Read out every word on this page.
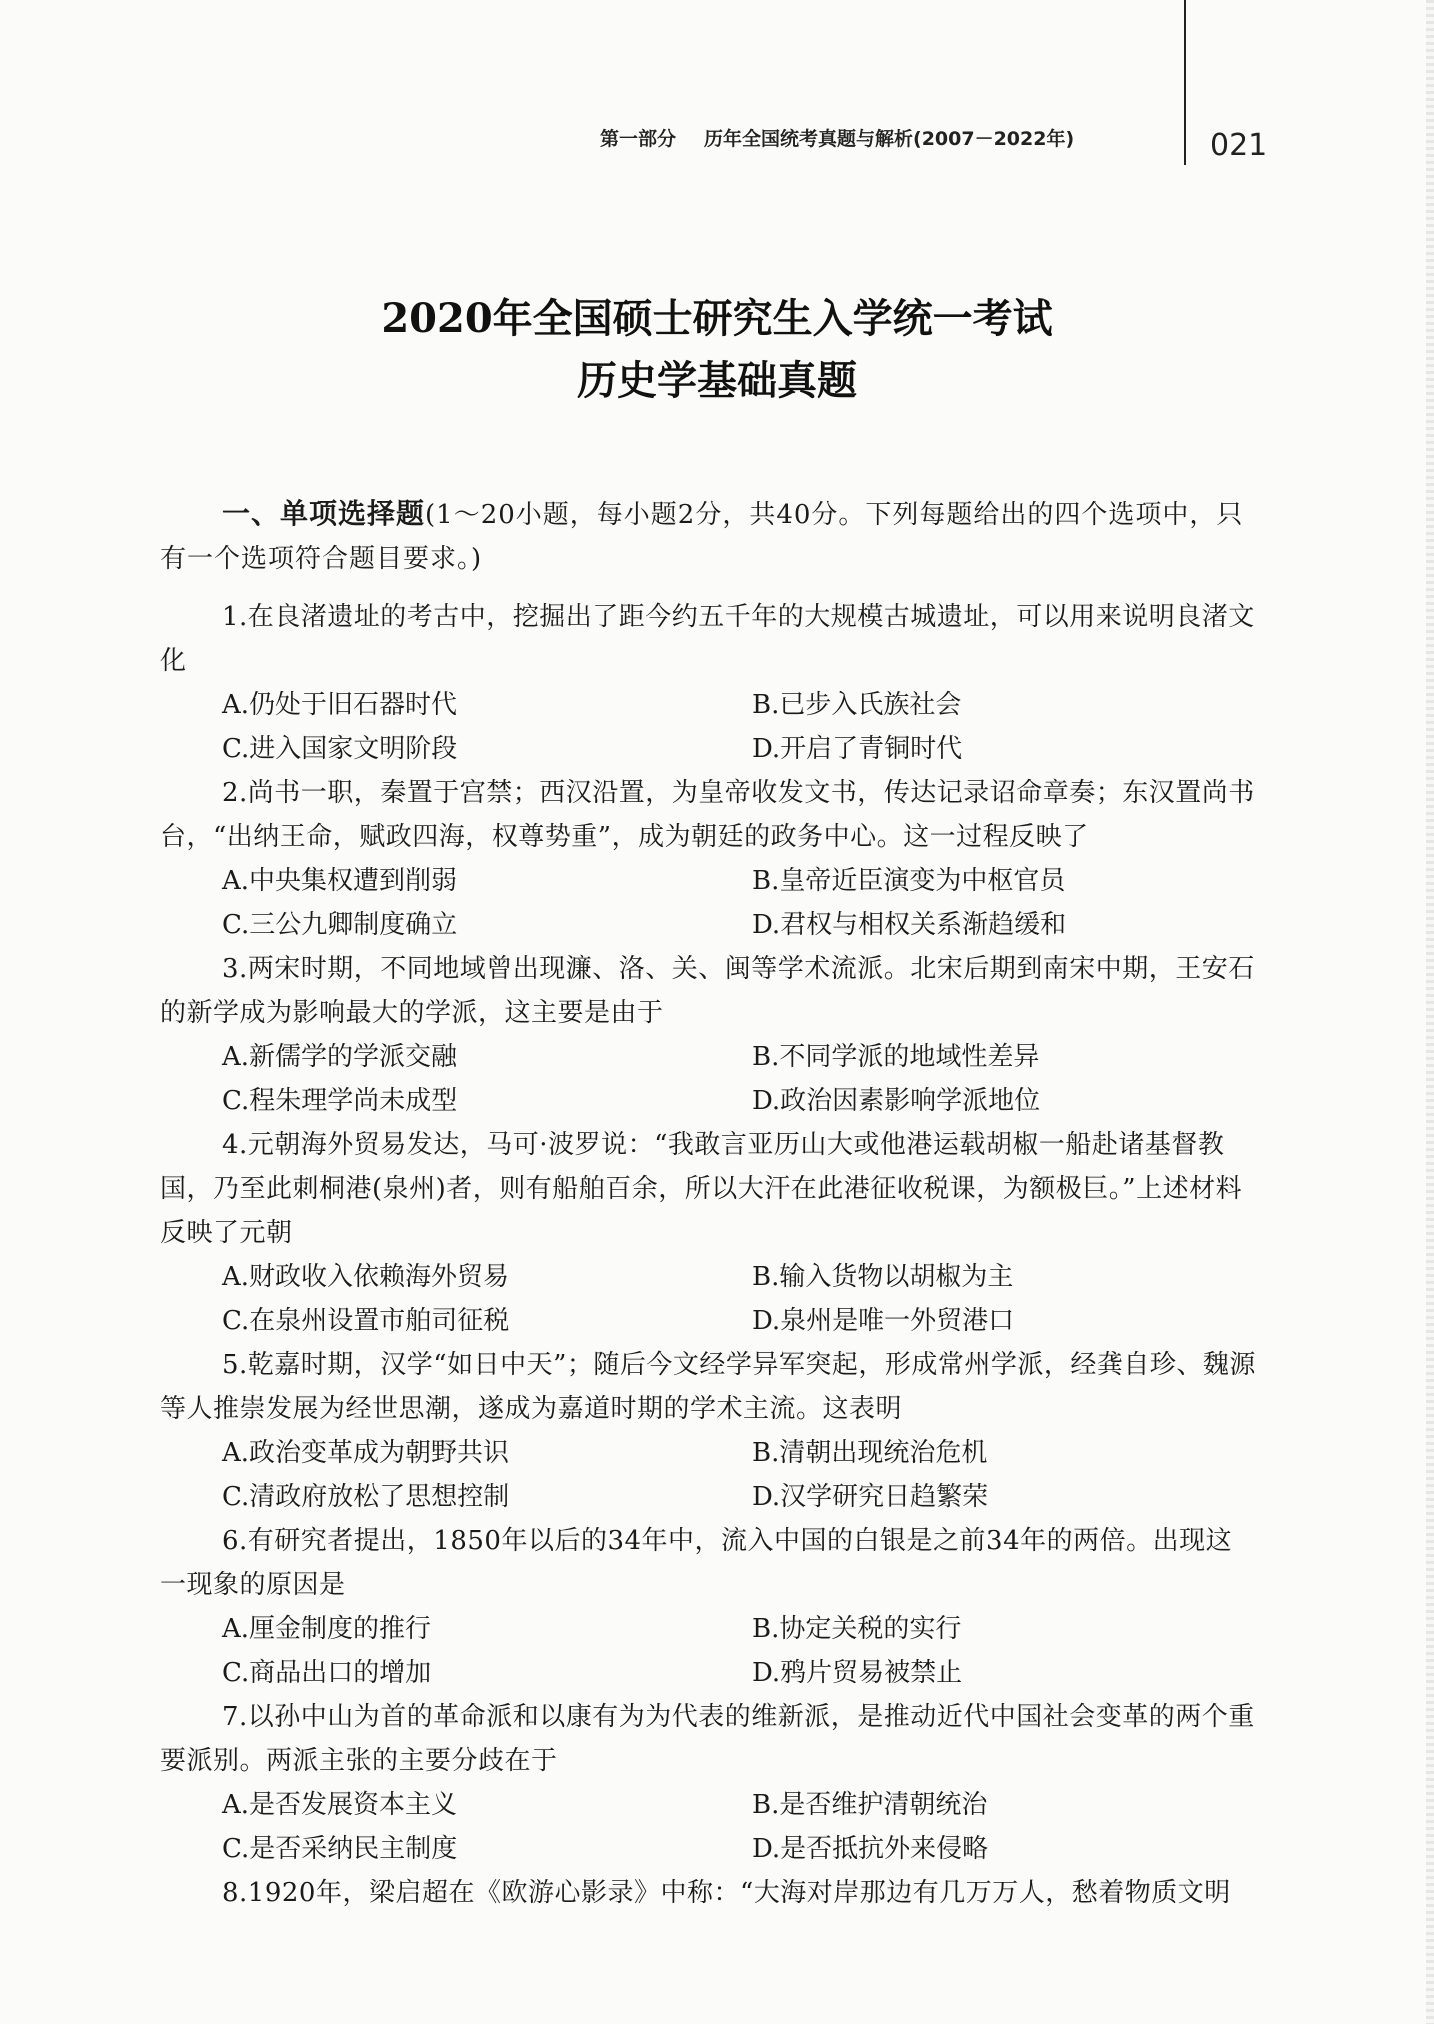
第一部分 历年全国统考真题与解析(2007－2022年)	021
2020年全国硕士研究生入学统一考试
历史学基础真题
一、单项选择题(1～20小题，每小题2分，共40分。下列每题给出的四个选项中，只有一个选项符合题目要求。)

1.在良渚遗址的考古中，挖掘出了距今约五千年的大规模古城遗址，可以用来说明良渚文化

A.仍处于旧石器时代	B.已步入氏族社会
C.进入国家文明阶段	D.开启了青铜时代

2.尚书一职，秦置于宫禁；西汉沿置，为皇帝收发文书，传达记录诏命章奏；东汉置尚书台，“出纳王命，赋政四海，权尊势重”，成为朝廷的政务中心。这一过程反映了

A.中央集权遭到削弱	B.皇帝近臣演变为中枢官员
C.三公九卿制度确立	D.君权与相权关系渐趋缓和

3.两宋时期，不同地域曾出现濂、洛、关、闽等学术流派。北宋后期到南宋中期，王安石的新学成为影响最大的学派，这主要是由于

A.新儒学的学派交融	B.不同学派的地域性差异
C.程朱理学尚未成型	D.政治因素影响学派地位

4.元朝海外贸易发达，马可·波罗说：“我敢言亚历山大或他港运载胡椒一船赴诸基督教国，乃至此刺桐港(泉州)者，则有船舶百余，所以大汗在此港征收税课，为额极巨。”上述材料反映了元朝

A.财政收入依赖海外贸易	B.输入货物以胡椒为主
C.在泉州设置市舶司征税	D.泉州是唯一外贸港口

5.乾嘉时期，汉学“如日中天”；随后今文经学异军突起，形成常州学派，经龚自珍、魏源等人推崇发展为经世思潮，遂成为嘉道时期的学术主流。这表明

A.政治变革成为朝野共识	B.清朝出现统治危机
C.清政府放松了思想控制	D.汉学研究日趋繁荣

6.有研究者提出，1850年以后的34年中，流入中国的白银是之前34年的两倍。出现这一现象的原因是

A.厘金制度的推行	B.协定关税的实行
C.商品出口的增加	D.鸦片贸易被禁止

7.以孙中山为首的革命派和以康有为为代表的维新派，是推动近代中国社会变革的两个重要派别。两派主张的主要分歧在于

A.是否发展资本主义	B.是否维护清朝统治
C.是否采纳民主制度	D.是否抵抗外来侵略

8.1920年，梁启超在《欧游心影录》中称：“大海对岸那边有几万万人，愁着物质文明
